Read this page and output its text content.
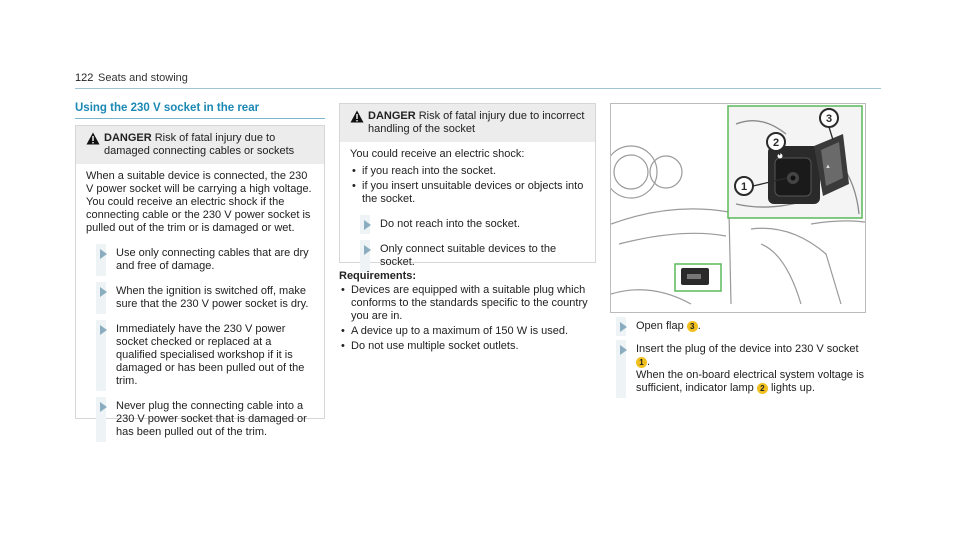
122 Seats and stowing
Using the 230 V socket in the rear
DANGER Risk of fatal injury due to damaged connecting cables or sockets

When a suitable device is connected, the 230 V power socket will be carrying a high voltage. You could receive an electric shock if the connecting cable or the 230 V power socket is pulled out of the trim or is damaged or wet.

Use only connecting cables that are dry and free of damage.
When the ignition is switched off, make sure that the 230 V power socket is dry.
Immediately have the 230 V power socket checked or replaced at a qualified specialised workshop if it is damaged or has been pulled out of the trim.
Never plug the connecting cable into a 230 V power socket that is damaged or has been pulled out of the trim.
DANGER Risk of fatal injury due to incorrect handling of the socket
You could receive an electric shock:
• if you reach into the socket.
• if you insert unsuitable devices or objects into the socket.
Do not reach into the socket.
Only connect suitable devices to the socket.
Requirements:
• Devices are equipped with a suitable plug which conforms to the standards specific to the country you are in.
• A device up to a maximum of 150 W is used.
• Do not use multiple socket outlets.
▲
1
2
3
Open flap 3 .
Insert the plug of the device into 230 V socket 1 .
When the on-board electrical system voltage is sufficient, indicator lamp 2 lights up.
